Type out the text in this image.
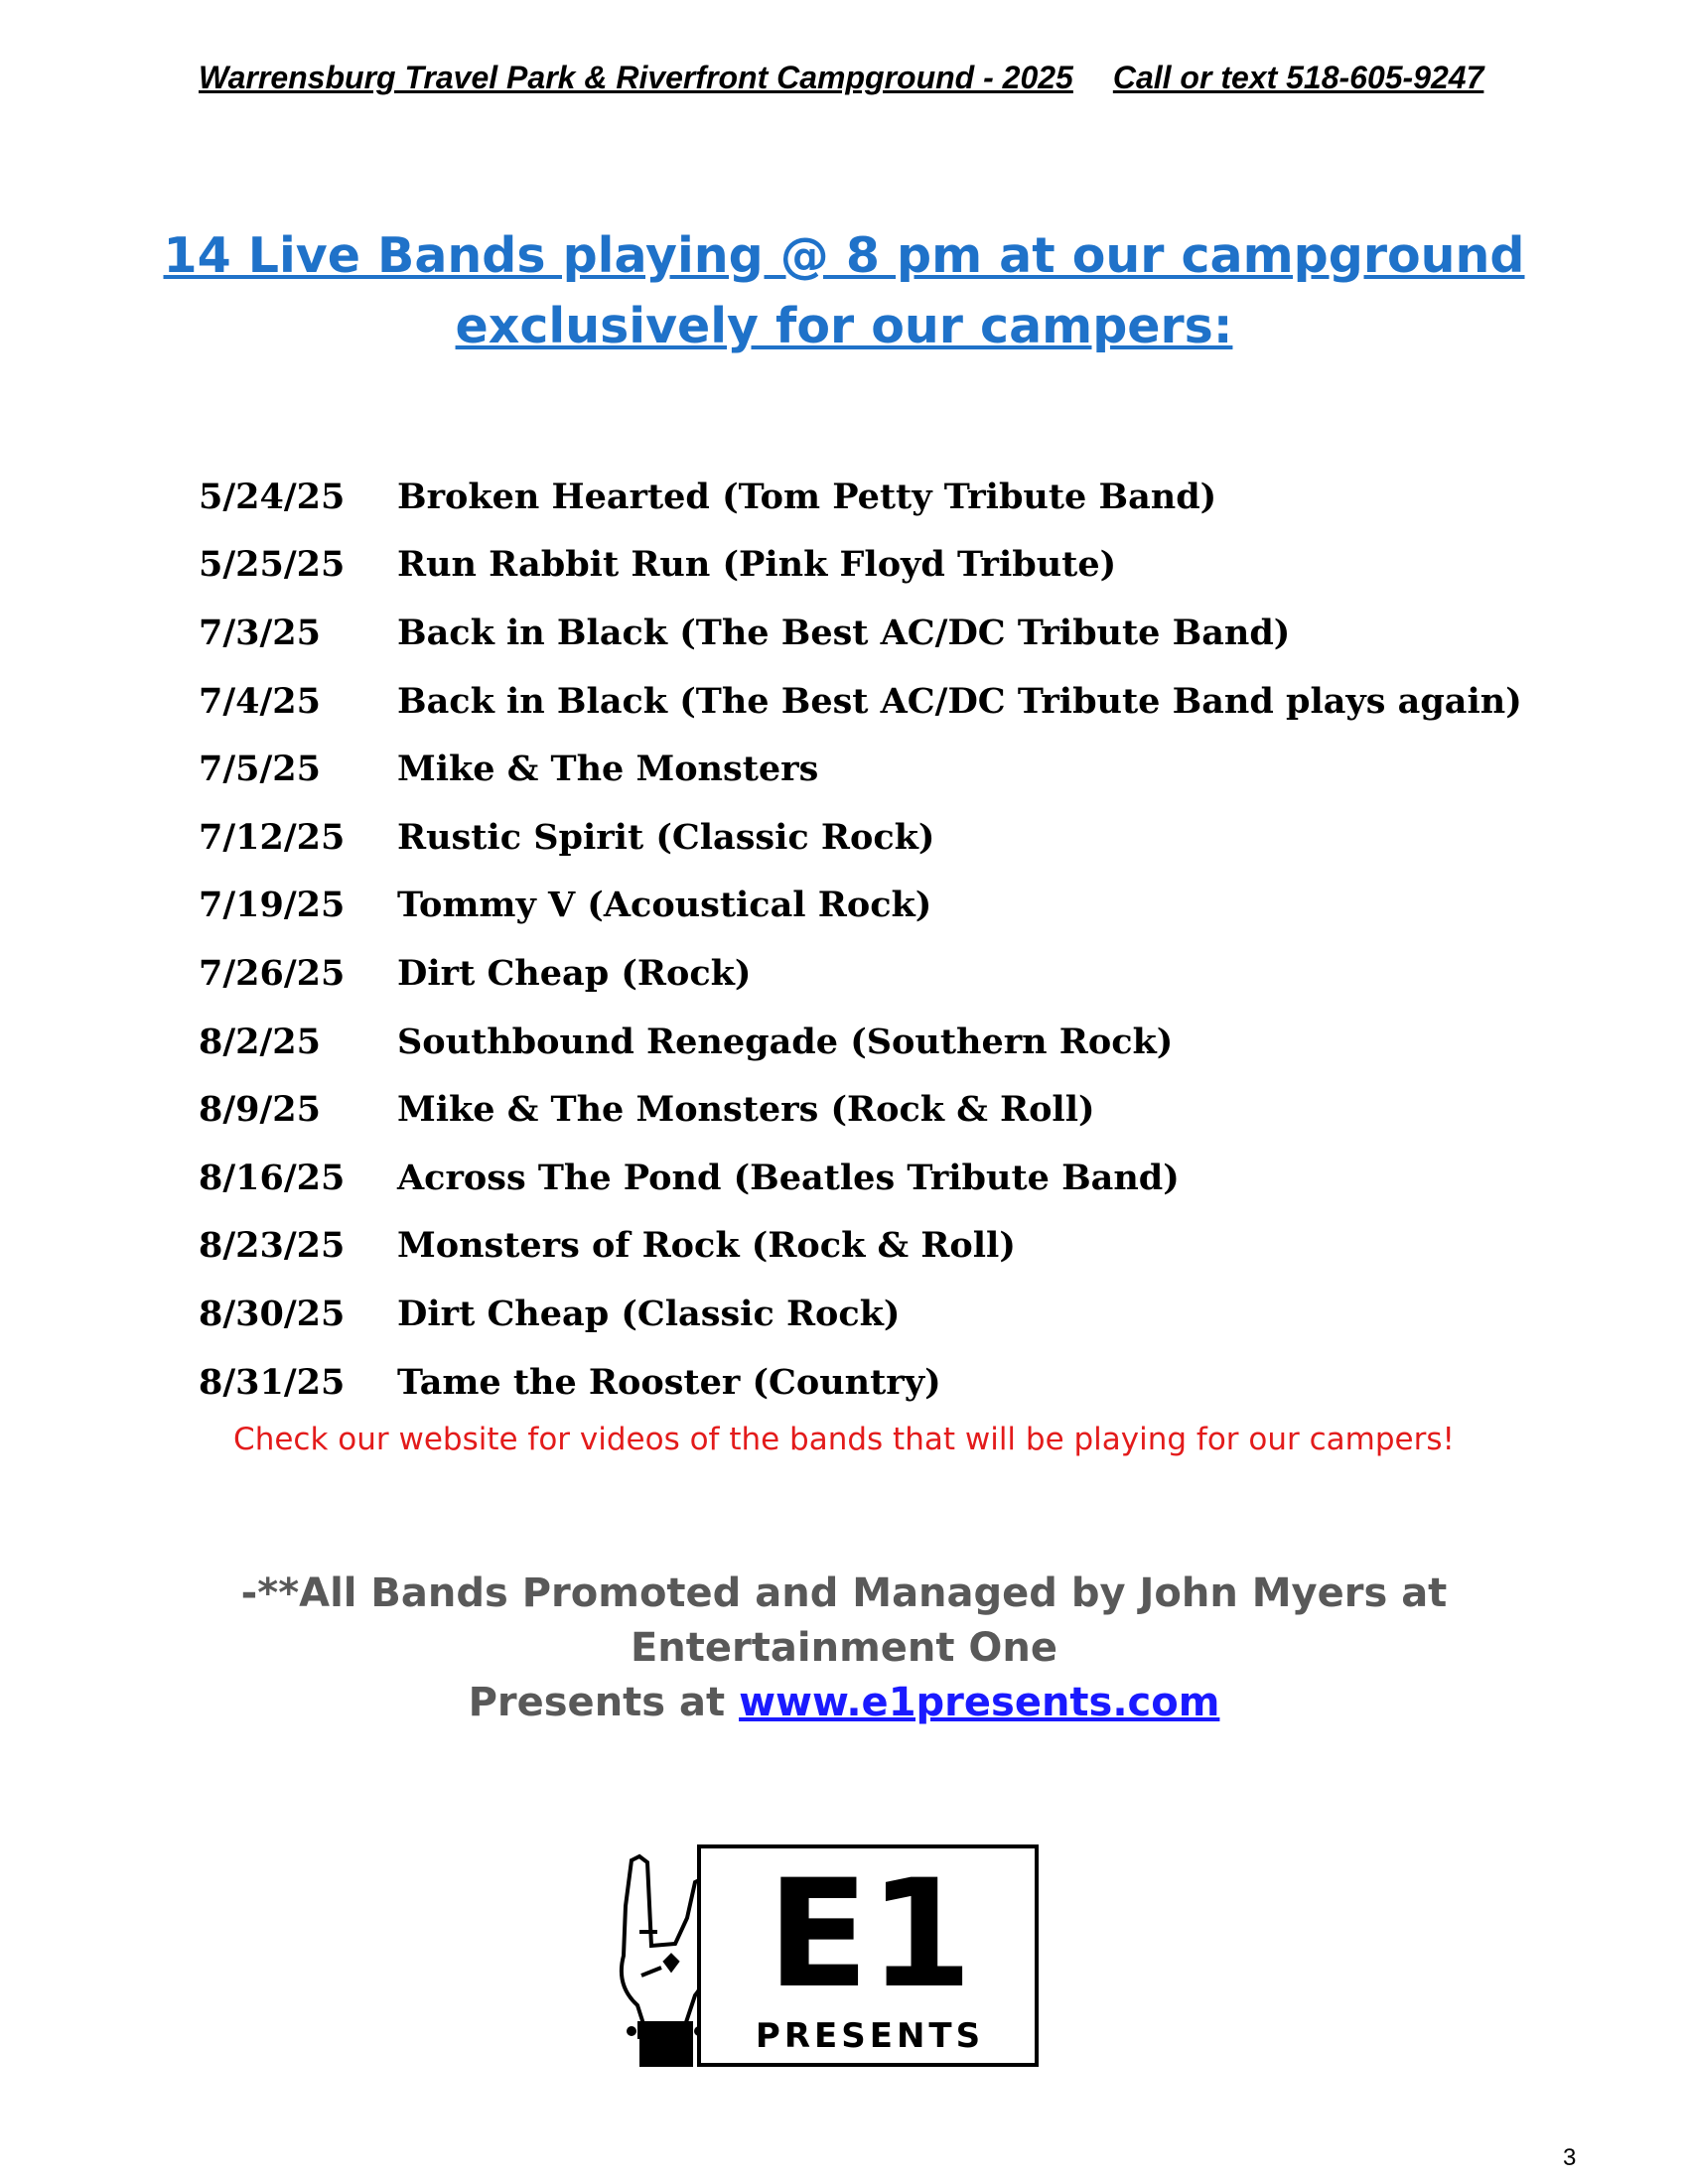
Warrensburg Travel Park & Riverfront Campground - 2025 Call or text 518-605-9247
14 Live Bands playing @ 8 pm at our campground
exclusively for our campers:
5/24/25	Broken Hearted (Tom Petty Tribute Band)
5/25/25	Run Rabbit Run (Pink Floyd Tribute)
7/3/25	Back in Black (The Best AC/DC Tribute Band)
7/4/25	Back in Black (The Best AC/DC Tribute Band plays again)
7/5/25	Mike & The Monsters
7/12/25	Rustic Spirit (Classic Rock)
7/19/25	Tommy V (Acoustical Rock)
7/26/25	Dirt Cheap (Rock)
8/2/25	Southbound Renegade (Southern Rock)
8/9/25	Mike & The Monsters (Rock & Roll)
8/16/25	Across The Pond (Beatles Tribute Band)
8/23/25	Monsters of Rock (Rock & Roll)
8/30/25	Dirt Cheap (Classic Rock)
8/31/25	Tame the Rooster (Country)
Check our website for videos of the bands that will be playing for our campers!
-**All Bands Promoted and Managed by John Myers at Entertainment One
Presents at www.e1presents.com
E1
PRESENTS
3
